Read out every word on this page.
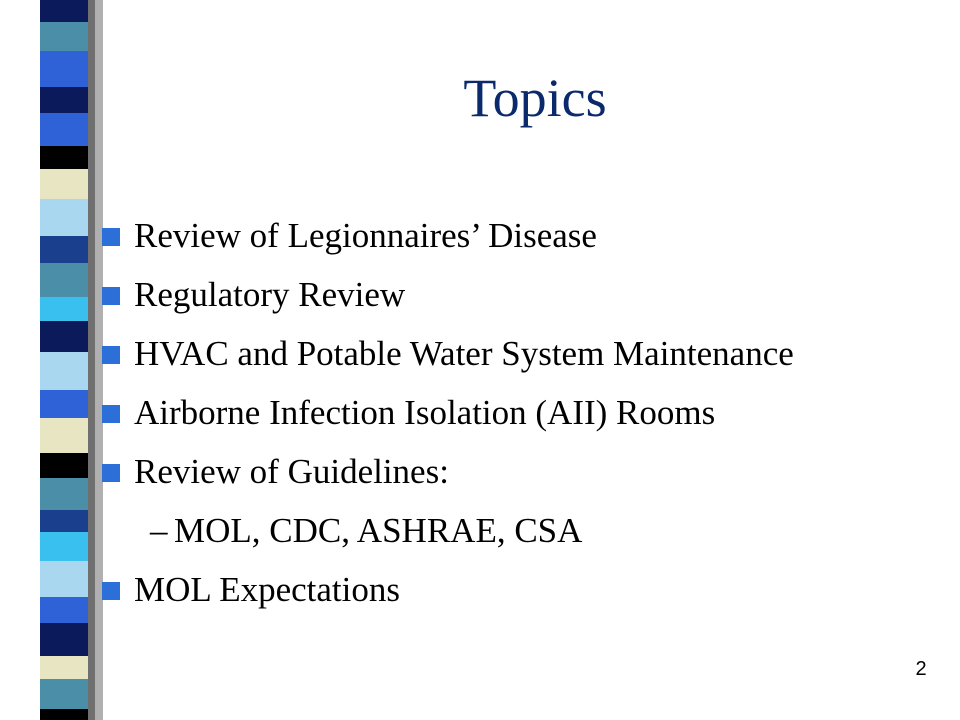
Topics
Review of Legionnaires’ Disease
Regulatory Review
HVAC and Potable Water System Maintenance
Airborne Infection Isolation (AII) Rooms
Review of Guidelines:
– MOL, CDC, ASHRAE, CSA
MOL Expectations
2
